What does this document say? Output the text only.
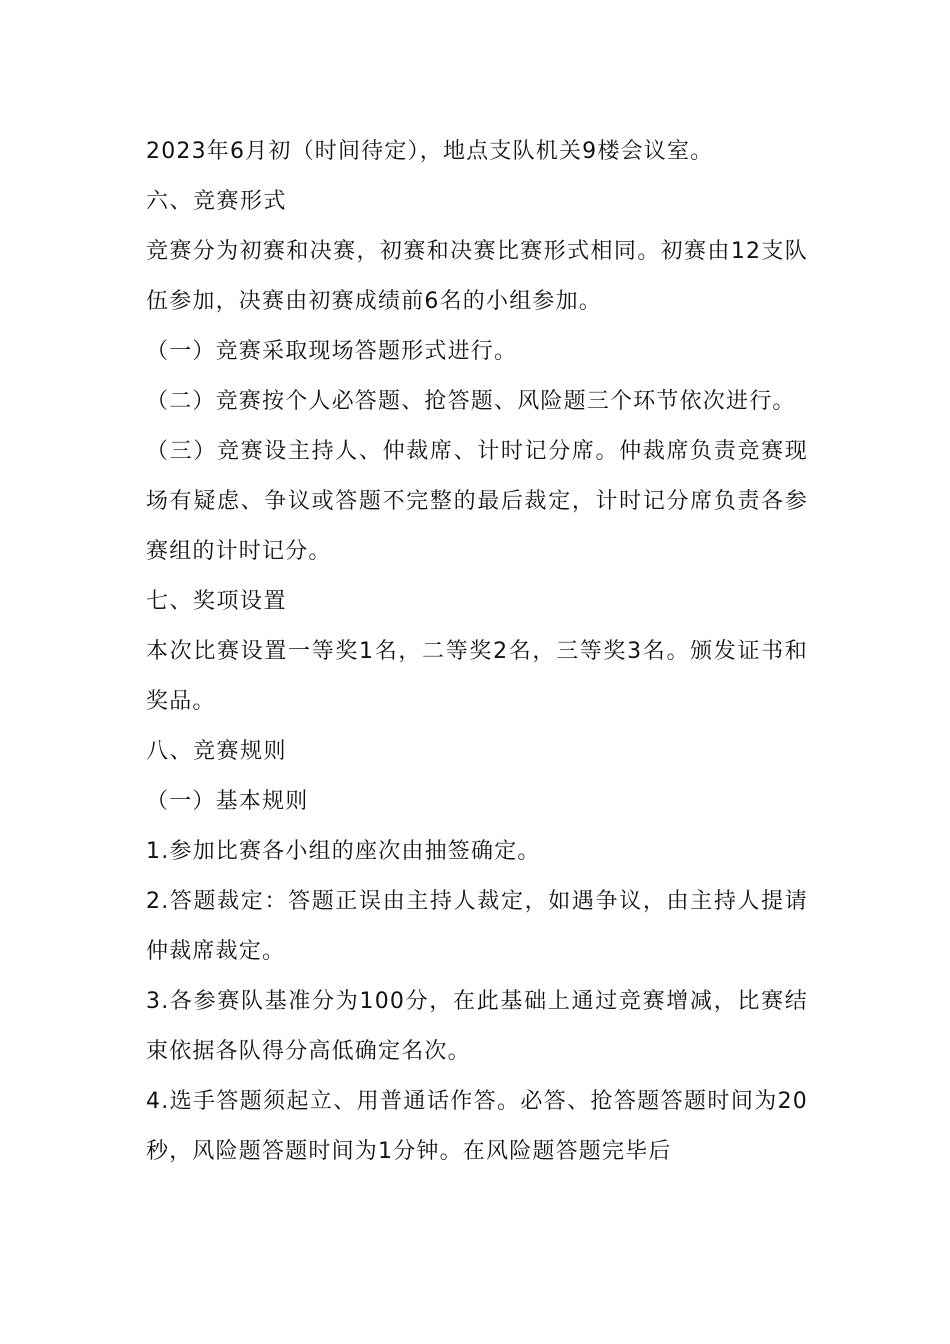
2023年6月初（时间待定），地点支队机关9楼会议室。

六、竞赛形式

竞赛分为初赛和决赛，初赛和决赛比赛形式相同。初赛由12支队伍参加，决赛由初赛成绩前6名的小组参加。

（一）竞赛采取现场答题形式进行。

（二）竞赛按个人必答题、抢答题、风险题三个环节依次进行。

（三）竞赛设主持人、仲裁席、计时记分席。仲裁席负责竞赛现场有疑虑、争议或答题不完整的最后裁定，计时记分席负责各参赛组的计时记分。

七、奖项设置

本次比赛设置一等奖1名，二等奖2名，三等奖3名。颁发证书和奖品。

八、竞赛规则

（一）基本规则

1.参加比赛各小组的座次由抽签确定。

2.答题裁定：答题正误由主持人裁定，如遇争议，由主持人提请仲裁席裁定。

3.各参赛队基准分为100分，在此基础上通过竞赛增减，比赛结束依据各队得分高低确定名次。

4.选手答题须起立、用普通话作答。必答、抢答题答题时间为20秒，风险题答题时间为1分钟。在风险题答题完毕后
